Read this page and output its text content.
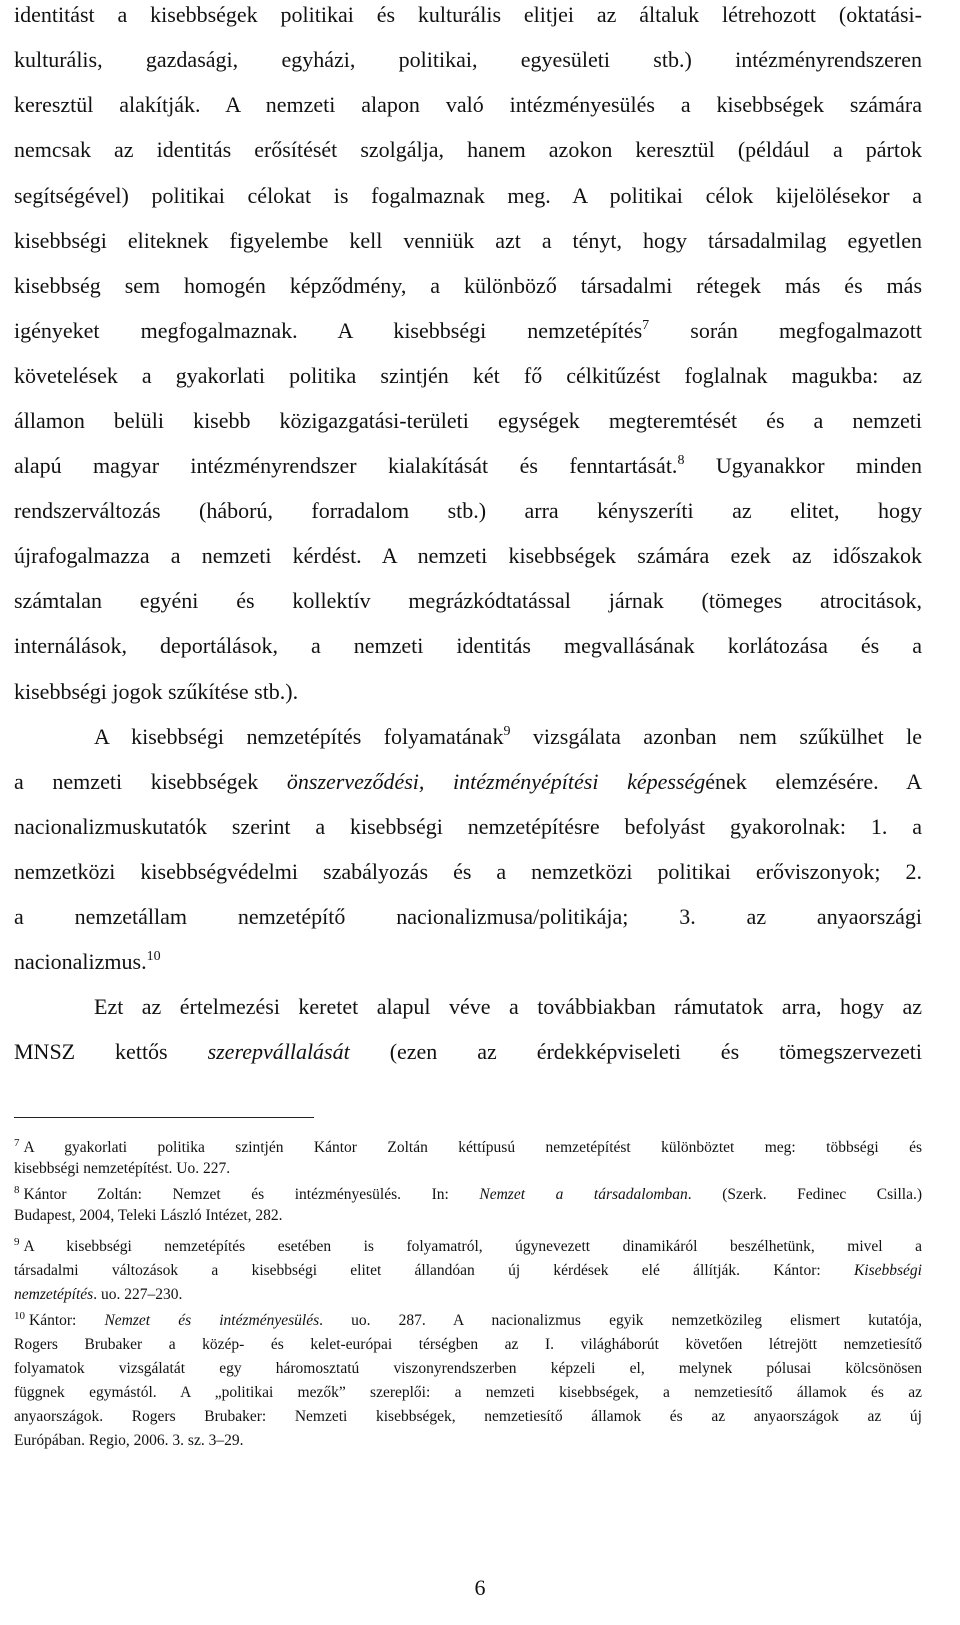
identitást a kisebbségek politikai és kulturális elitjei az általuk létrehozott (oktatási-
kulturális, gazdasági, egyházi, politikai, egyesületi stb.) intézményrendszeren
keresztül alakítják. A nemzeti alapon való intézményesülés a kisebbségek számára
nemcsak az identitás erősítését szolgálja, hanem azokon keresztül (például a pártok
segítségével) politikai célokat is fogalmaznak meg. A politikai célok kijelölésekor a
kisebbségi eliteknek figyelembe kell venniük azt a tényt, hogy társadalmilag egyetlen
kisebbség sem homogén képződmény, a különböző társadalmi rétegek más és más
igényeket megfogalmaznak. A kisebbségi nemzetépítés$^7$ során megfogalmazott
követelések a gyakorlati politika szintjén két fő célkitűzést foglalnak magukba: az
államon belüli kisebb közigazgatási-területi egységek megteremtését és a nemzeti
alapú magyar intézményrendszer kialakítását és fenntartását.$^8$ Ugyanakkor minden
rendszerváltozás (háború, forradalom stb.) arra kényszeríti az elitet, hogy
újrafogalmazza a nemzeti kérdést. A nemzeti kisebbségek számára ezek az időszakok
számtalan egyéni és kollektív megrázkódtatással járnak (tömeges atrocitások,
internálások, deportálások, a nemzeti identitás megvallásának korlátozása és a
kisebbségi jogok szűkítése stb.).
A kisebbségi nemzetépítés folyamatának$^9$ vizsgálata azonban nem szűkülhet le
a nemzeti kisebbségek önszerveződési, intézményépítési képességének elemzésére. A
nacionalizmuskutatók szerint a kisebbségi nemzetépítésre befolyást gyakorolnak: 1. a
nemzetközi kisebbségvédelmi szabályozás és a nemzetközi politikai erőviszonyok; 2.
a nemzetállam nemzetépítő nacionalizmusa/politikája; 3. az anyaországi
nacionalizmus.$^{10}$
Ezt az értelmezési keretet alapul véve a továbbiakban rámutatok arra, hogy az
MNSZ kettős szerepvállalását (ezen az érdekképviseleti és tömegszervezeti
$^7$ A gyakorlati politika szintjén Kántor Zoltán kéttípusú nemzetépítést különböztet meg: többségi és
kisebbségi nemzetépítést. Uo. 227.
$^8$ Kántor Zoltán: Nemzet és intézményesülés. In: Nemzet a társadalomban. (Szerk. Fedinec Csilla.)
Budapest, 2004, Teleki László Intézet, 282.
$^9$ A kisebbségi nemzetépítés esetében is folyamatról, úgynevezett dinamikáról beszélhetünk, mivel a
társadalmi változások a kisebbségi elitet állandóan új kérdések elé állítják. Kántor: Kisebbségi
nemzetépítés. uo. 227–230.
$^{10}$ Kántor: Nemzet és intézményesülés. uo. 287. A nacionalizmus egyik nemzetközileg elismert kutatója,
Rogers Brubaker a közép- és kelet-európai térségben az I. világháborút követően létrejött nemzetiesítő
folyamatok vizsgálatát egy háromosztatú viszonyrendszerben képzeli el, melynek pólusai kölcsönösen
függnek egymástól. A „politikai mezők” szereplői: a nemzeti kisebbségek, a nemzetiesítő államok és az
anyaországok. Rogers Brubaker: Nemzeti kisebbségek, nemzetiesítő államok és az anyaországok az új
Európában. Regio, 2006. 3. sz. 3–29.
6
